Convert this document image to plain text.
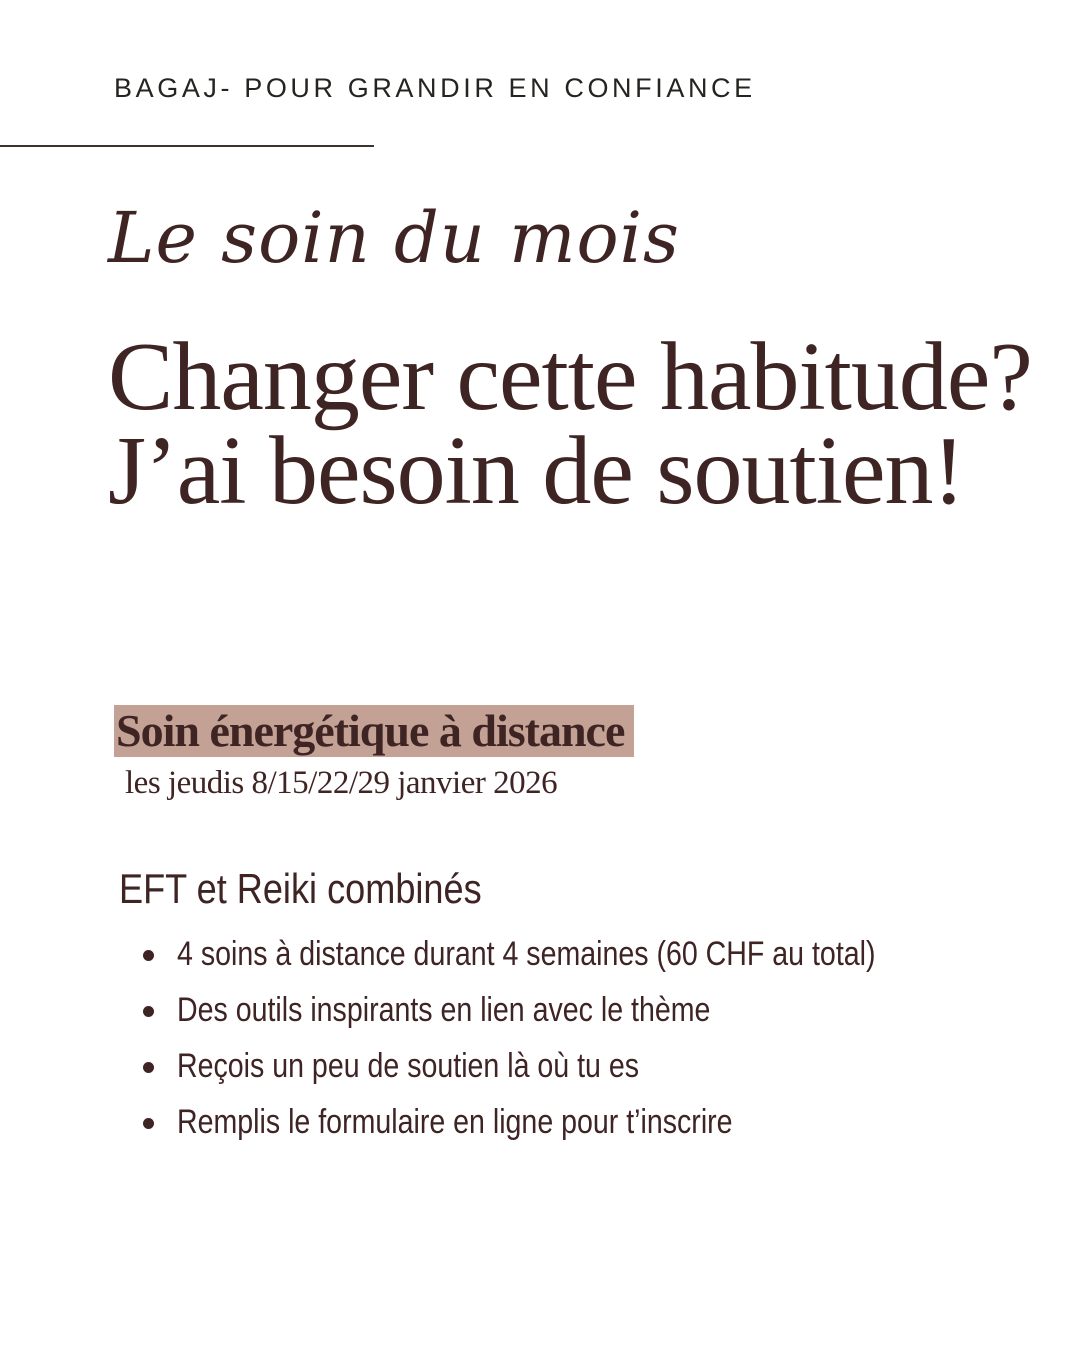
BAGAJ- POUR GRANDIR EN CONFIANCE
Le soin du mois
Changer cette habitude? J’ai besoin de soutien!
Soin énergétique à distance
les jeudis 8/15/22/29 janvier 2026
EFT et Reiki combinés
4 soins à distance durant 4 semaines (60 CHF au total)
Des outils inspirants en lien avec le thème
Reçois un peu de soutien là où tu es
Remplis le formulaire en ligne pour t’inscrire
